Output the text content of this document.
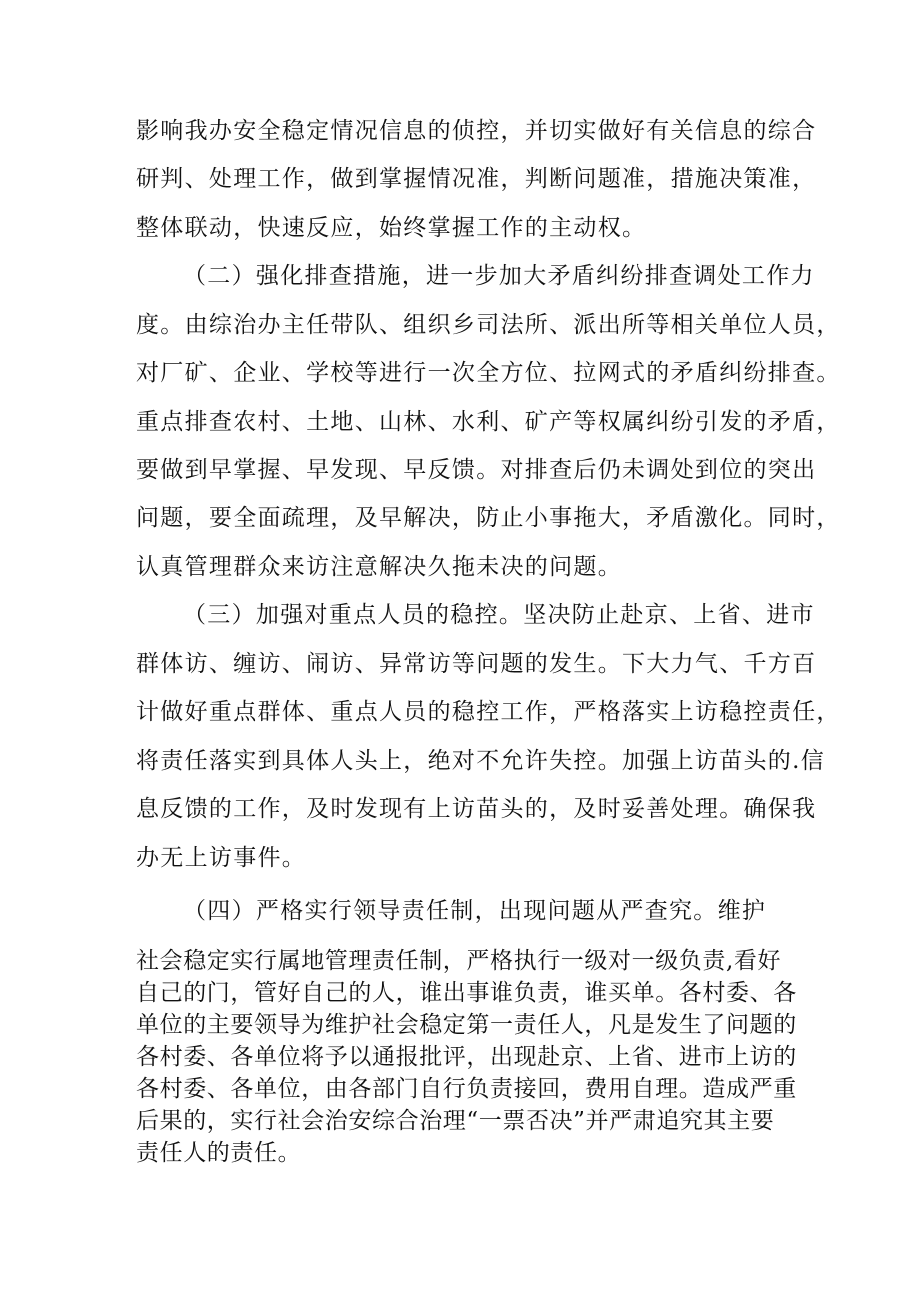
影响我办安全稳定情况信息的侦控，并切实做好有关信息的综合
研判、处理工作，做到掌握情况准，判断问题准，措施决策准，
整体联动，快速反应，始终掌握工作的主动权。
（二）强化排查措施，进一步加大矛盾纠纷排查调处工作力
度。由综治办主任带队、组织乡司法所、派出所等相关单位人员，
对厂矿、企业、学校等进行一次全方位、拉网式的矛盾纠纷排查。
重点排查农村、土地、山林、水利、矿产等权属纠纷引发的矛盾，
要做到早掌握、早发现、早反馈。对排查后仍未调处到位的突出
问题，要全面疏理，及早解决，防止小事拖大，矛盾激化。同时，
认真管理群众来访注意解决久拖未决的问题。
（三）加强对重点人员的稳控。坚决防止赴京、上省、进市
群体访、缠访、闹访、异常访等问题的发生。下大力气、千方百
计做好重点群体、重点人员的稳控工作，严格落实上访稳控责任，
将责任落实到具体人头上，绝对不允许失控。加强上访苗头的.信
息反馈的工作，及时发现有上访苗头的，及时妥善处理。确保我
办无上访事件。
（四）严格实行领导责任制，出现问题从严查究。维护
社会稳定实行属地管理责任制，严格执行一级对一级负责,看好
自己的门，管好自己的人，谁出事谁负责，谁买单。各村委、各
单位的主要领导为维护社会稳定第一责任人，凡是发生了问题的
各村委、各单位将予以通报批评，出现赴京、上省、进市上访的
各村委、各单位，由各部门自行负责接回，费用自理。造成严重
后果的，实行社会治安综合治理“一票否决”并严肃追究其主要
责任人的责任。
